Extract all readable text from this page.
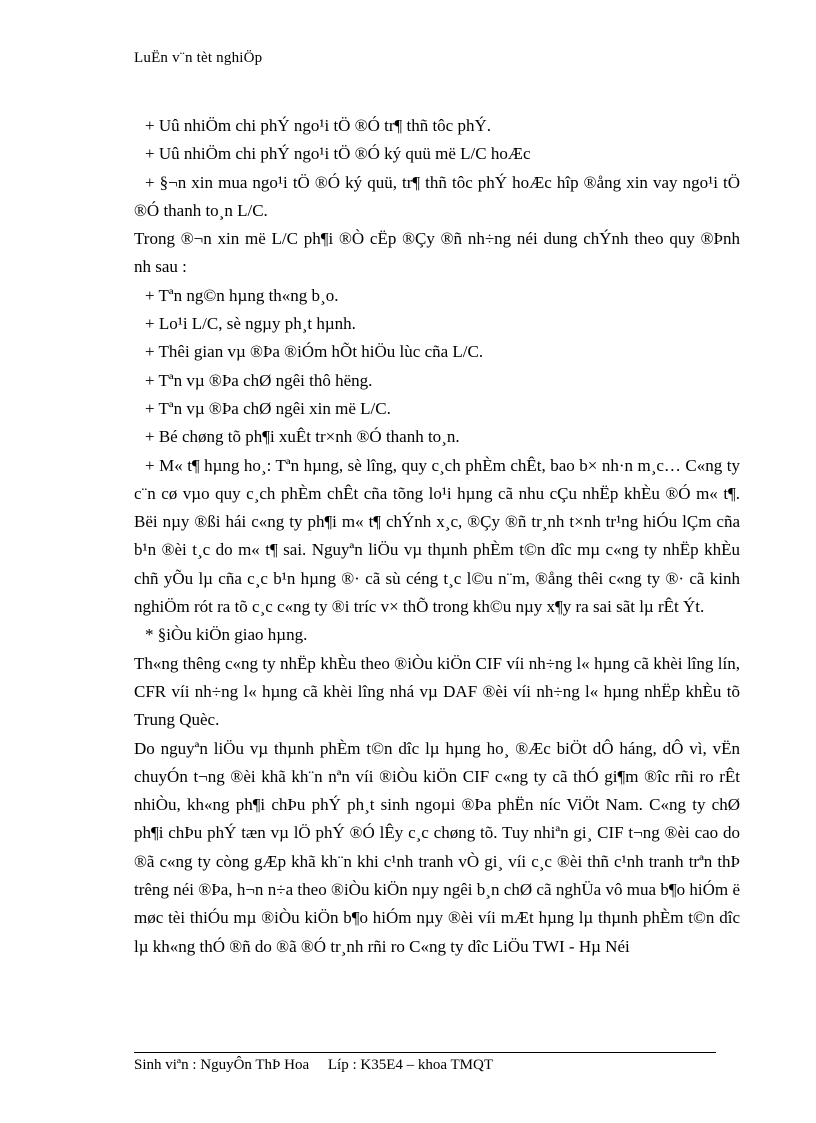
LuËn v¨n tèt nghiÖp

+ Uû nhiÖm chi phÝ ngo¹i tÖ ®Ó tr¶ thñ tôc phÝ.

+ Uû nhiÖm chi phÝ ngo¹i tÖ ®Ó ký quü më L/C hoÆc

+ §¬n xin mua ngo¹i tÖ ®Ó ký quü, tr¶ thñ tôc phÝ hoÆc hîp ®ång xin vay ngo¹i tÖ ®Ó thanh to¸n L/C.

Trong ®¬n xin më L/C ph¶i ®Ò cËp ®Çy ®ñ nh÷ng néi dung chÝnh theo quy ®Þnh nh sau :

+ Tªn ng©n hµng th«ng b¸o.

+ Lo¹i L/C, sè ngµy ph¸t hµnh.

+ Thêi gian vµ ®Þa ®iÓm hÕt hiÖu lùc cña L/C.

+ Tªn vµ ®Þa chØ ngêi thô hëng.

+ Tªn vµ ®Þa chØ ngêi xin më L/C.

+ Bé chøng tõ ph¶i xuÊt tr×nh ®Ó thanh to¸n.

+ M« t¶ hµng ho¸: Tªn hµng, sè lîng, quy c¸ch phÈm chÊt, bao b× nh·n m¸c… C«ng ty c¨n cø vµo quy c¸ch phÈm chÊt cña tõng lo¹i hµng cã nhu cÇu nhËp khÈu ®Ó m« t¶. Bëi nµy ®ßi hái c«ng ty ph¶i m« t¶ chÝnh x¸c, ®Çy ®ñ tr¸nh t×nh tr¹ng hiÓu lÇm cña b¹n ®èi t¸c do m« t¶ sai. Nguyªn liÖu vµ thµnh phÈm t©n dîc mµ c«ng ty nhËp khÈu chñ yÕu lµ cña c¸c b¹n hµng ®· cã sù céng t¸c l©u n¨m, ®ång thêi c«ng ty ®· cã kinh nghiÖm rót ra tõ c¸c c«ng ty ®i tríc v× thÕ trong kh©u nµy x¶y ra sai sãt lµ rÊt Ýt.

* §iÒu kiÖn giao hµng.

Th«ng thêng c«ng ty nhËp khÈu theo ®iÒu kiÖn CIF víi nh÷ng l« hµng cã khèi lîng lín, CFR víi nh÷ng l« hµng cã khèi lîng nhá vµ DAF ®èi víi nh÷ng l« hµng nhËp khÈu tõ Trung Quèc.

Do nguyªn liÖu vµ thµnh phÈm t©n dîc lµ hµng ho¸ ®Æc biÖt dÔ háng, dÔ vì, vËn chuyÓn t¬ng ®èi khã kh¨n nªn víi ®iÒu kiÖn CIF c«ng ty cã thÓ gi¶m ®îc rñi ro rÊt nhiÒu, kh«ng ph¶i chÞu phÝ ph¸t sinh ngoµi ®Þa phËn níc ViÖt Nam. C«ng ty chØ ph¶i chÞu phÝ tæn vµ lÖ phÝ ®Ó lÊy c¸c chøng tõ. Tuy nhiªn gi¸ CIF t¬ng ®èi cao do ®ã c«ng ty còng gÆp khã kh¨n khi c¹nh tranh vÒ gi¸ víi c¸c ®èi thñ c¹nh tranh trªn thÞ trêng néi ®Þa, h¬n n÷a theo ®iÒu kiÖn nµy ngêi b¸n chØ cã nghÜa vô mua b¶o hiÓm ë møc tèi thiÓu mµ ®iÒu kiÖn b¶o hiÓm nµy ®èi víi mÆt hµng lµ thµnh phÈm t©n dîc lµ kh«ng thÓ ®ñ do ®ã ®Ó tr¸nh rñi ro C«ng ty dîc LiÖu TWI - Hµ Néi

Sinh viªn : NguyÔn ThÞ Hoa     Líp : K35E4 – khoa TMQT
